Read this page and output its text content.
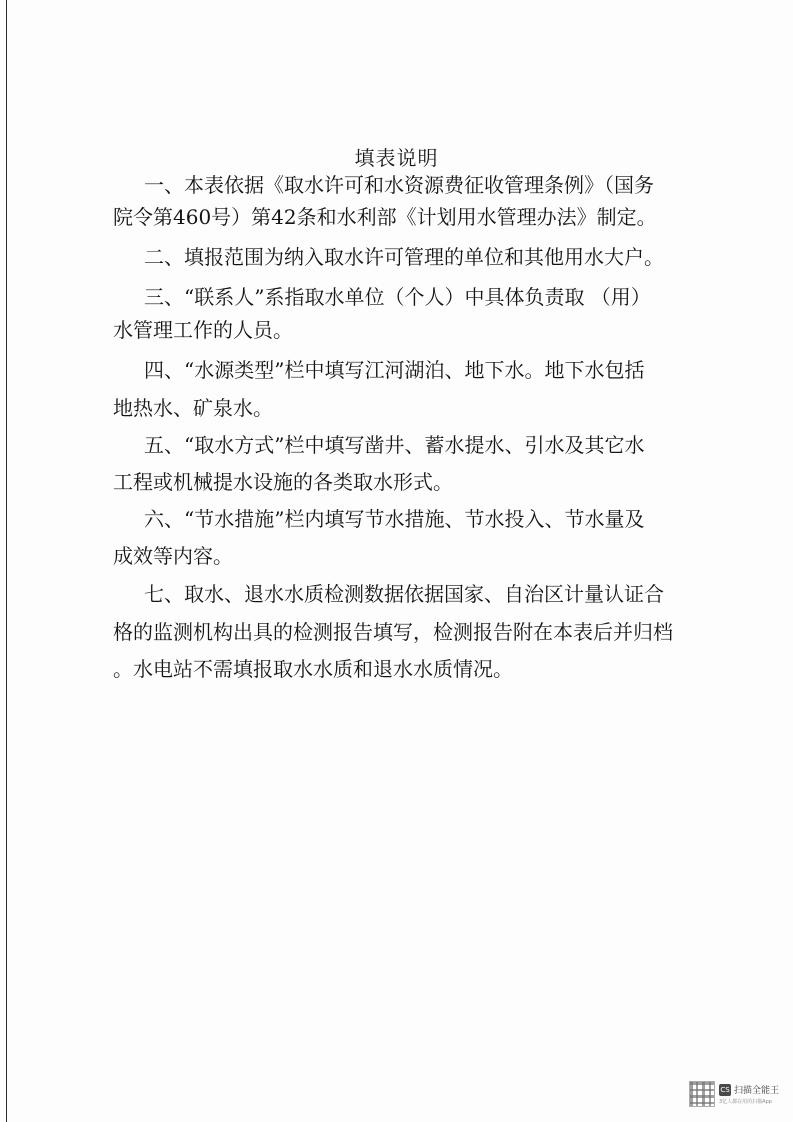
填表说明
一、本表依据《取水许可和水资源费征收管理条例》（国务
院令第460号）第42条和水利部《计划用水管理办法》制定。
二、填报范围为纳入取水许可管理的单位和其他用水大户。
三、“联系人”系指取水单位（个人）中具体负责取 （用）
水管理工作的人员。
四、“水源类型”栏中填写江河湖泊、地下水。地下水包括
地热水、矿泉水。
五、“取水方式”栏中填写凿井、蓄水提水、引水及其它水
工程或机械提水设施的各类取水形式。
六、“节水措施”栏内填写节水措施、节水投入、节水量及
成效等内容。
七、取水、退水水质检测数据依据国家、自治区计量认证合
格的监测机构出具的检测报告填写，检测报告附在本表后并归档
。水电站不需填报取水水质和退水水质情况。
CS 扫描全能王
3亿人都在用的扫描App
